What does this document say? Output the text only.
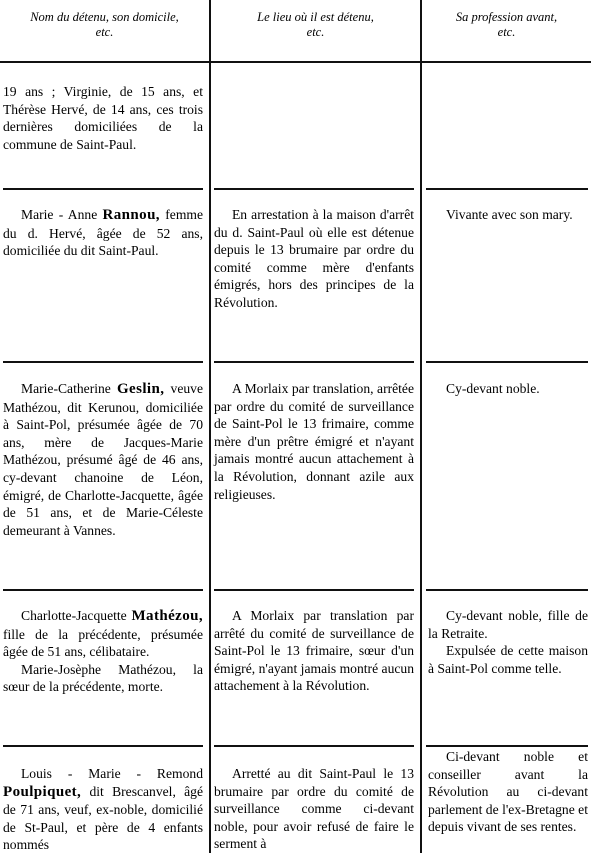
Nom du détenu, son domicile,
etc.
Le lieu où il est détenu,
etc.
Sa profession avant,
etc.

19 ans ; Virginie, de 15 ans, et Thérèse Hervé, de 14 ans, ces trois dernières domiciliées de la commune de Saint-Paul.

Marie - Anne Rannou, femme du d. Hervé, âgée de 52 ans, domiciliée du dit Saint-Paul.

En arrestation à la maison d'arrêt du d. Saint-Paul où elle est détenue depuis le 13 brumaire par ordre du comité comme mère d'enfants émigrés, hors des principes de la Révolution.

Vivante avec son mary.

Marie-Catherine Geslin, veuve Mathézou, dit Kerunou, domiciliée à Saint-Pol, présumée âgée de 70 ans, mère de Jacques-Marie Mathézou, présumé âgé de 46 ans, cy-devant chanoine de Léon, émigré, de Charlotte-Jacquette, âgée de 51 ans, et de Marie-Céleste demeurant à Vannes.

A Morlaix par translation, arrêtée par ordre du comité de surveillance de Saint-Pol le 13 frimaire, comme mère d'un prêtre émigré et n'ayant jamais montré aucun attachement à la Révolution, donnant azile aux religieuses.

Cy-devant noble.

Charlotte-Jacquette Mathézou, fille de la précédente, présumée âgée de 51 ans, célibataire.

Marie-Josèphe Mathézou, la sœur de la précédente, morte.

A Morlaix par translation par arrêté du comité de surveillance de Saint-Pol le 13 frimaire, sœur d'un émigré, n'ayant jamais montré aucun attachement à la Révolution.

Cy-devant noble, fille de la Retraite.

Expulsée de cette maison à Saint-Pol comme telle.

Louis - Marie - Remond Poulpiquet, dit Brescanvel, âgé de 71 ans, veuf, ex-noble, domicilié de St-Paul, et père de 4 enfants nommés

Arretté au dit Saint-Paul le 13 brumaire par ordre du comité de surveillance comme ci-devant noble, pour avoir refusé de faire le serment à

Ci-devant noble et conseiller avant la Révolution au ci-devant parlement de l'ex-Bretagne et depuis vivant de ses rentes.
